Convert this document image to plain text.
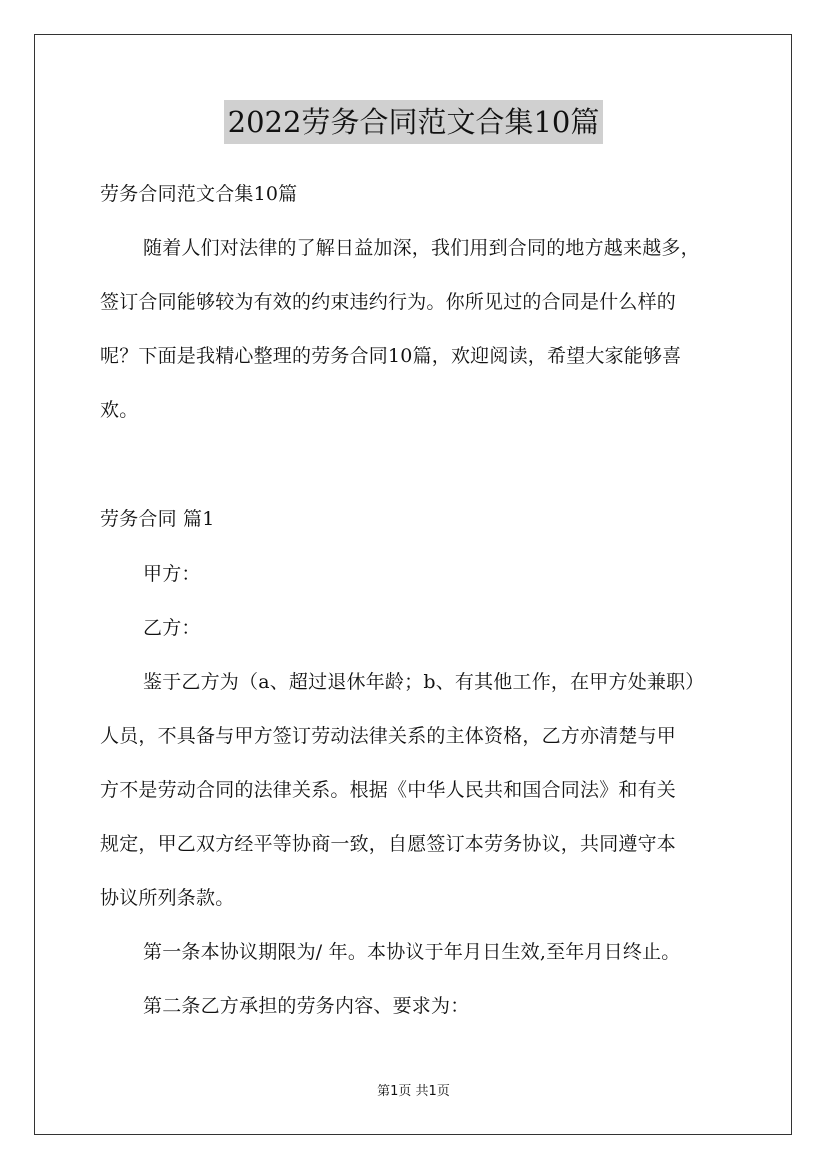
2022劳务合同范文合集10篇
劳务合同范文合集10篇
随着人们对法律的了解日益加深，我们用到合同的地方越来越多，
签订合同能够较为有效的约束违约行为。你所见过的合同是什么样的
呢？下面是我精心整理的劳务合同10篇，欢迎阅读，希望大家能够喜
欢。
劳务合同 篇1
甲方：
乙方：
鉴于乙方为（a、超过退休年龄；b、有其他工作，在甲方处兼职）
人员，不具备与甲方签订劳动法律关系的主体资格，乙方亦清楚与甲
方不是劳动合同的法律关系。根据《中华人民共和国合同法》和有关
规定，甲乙双方经平等协商一致，自愿签订本劳务协议，共同遵守本
协议所列条款。
第一条本协议期限为/ 年。本协议于年月日生效,至年月日终止。
第二条乙方承担的劳务内容、要求为：
第1页 共1页
